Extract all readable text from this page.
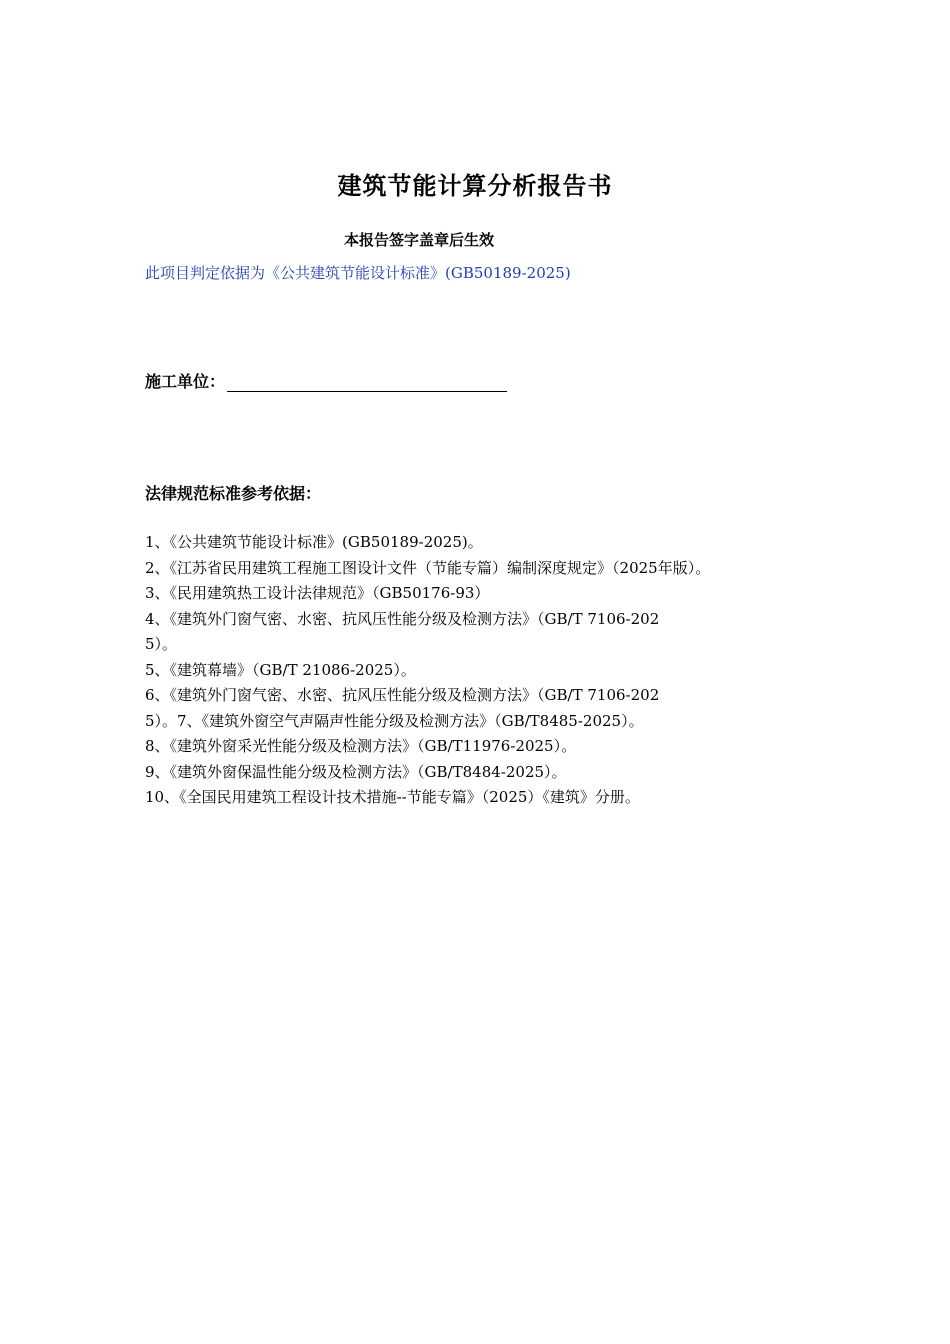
建筑节能计算分析报告书
本报告签字盖章后生效
此项目判定依据为《公共建筑节能设计标准》(GB50189-2025)
施工单位：
法律规范标准参考依据：
1、《公共建筑节能设计标准》(GB50189-2025)。
2、《江苏省民用建筑工程施工图设计文件（节能专篇）编制深度规定》（2025年版）。
3、《民用建筑热工设计法律规范》（GB50176-93）
4、《建筑外门窗气密、水密、抗风压性能分级及检测方法》（GB/T 7106-202
5）。
5、《建筑幕墙》（GB/T 21086-2025）。
6、《建筑外门窗气密、水密、抗风压性能分级及检测方法》（GB/T 7106-202
5）。7、《建筑外窗空气声隔声性能分级及检测方法》（GB/T8485-2025）。
8、《建筑外窗采光性能分级及检测方法》（GB/T11976-2025）。
9、《建筑外窗保温性能分级及检测方法》（GB/T8484-2025）。
10、《全国民用建筑工程设计技术措施--节能专篇》（2025）《建筑》分册。
